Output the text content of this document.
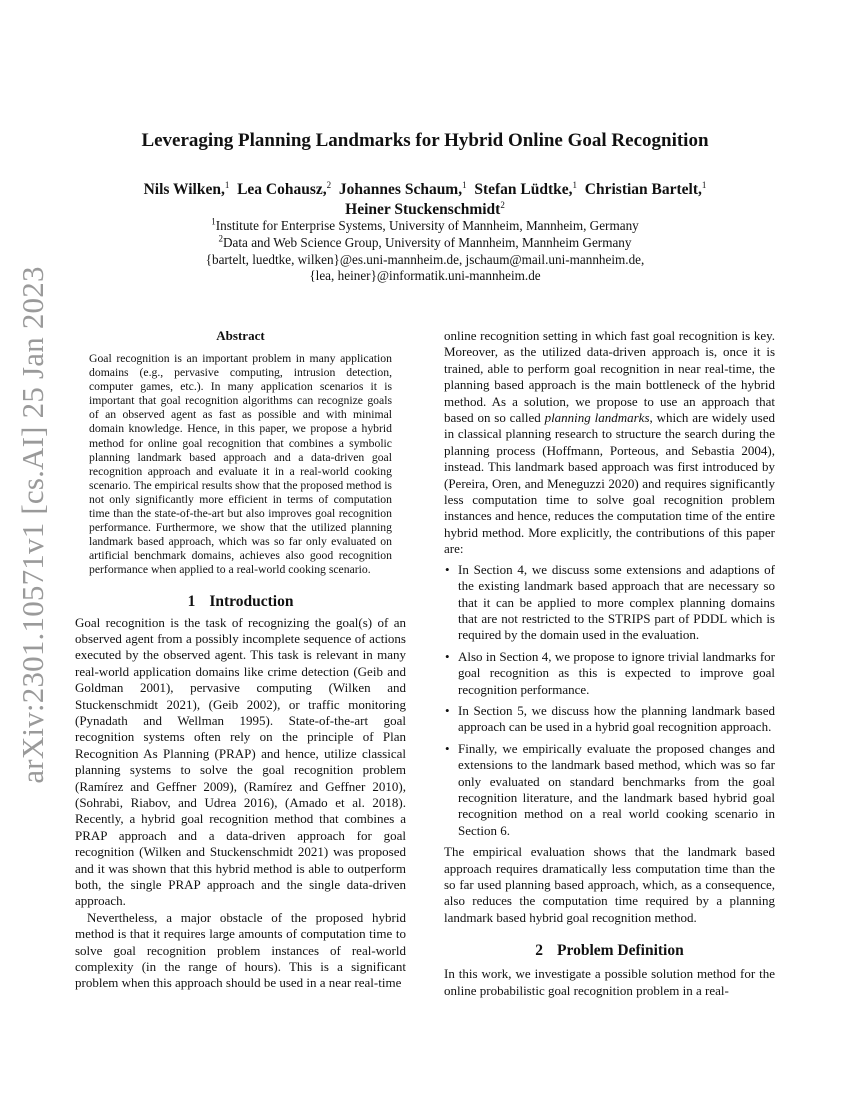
arXiv:2301.10571v1 [cs.AI] 25 Jan 2023
Leveraging Planning Landmarks for Hybrid Online Goal Recognition
Nils Wilken,$^1$ Lea Cohausz,$^2$ Johannes Schaum,$^1$ Stefan Lüdtke,$^1$ Christian Bartelt,$^1$
Heiner Stuckenschmidt$^2$
$^1$Institute for Enterprise Systems, University of Mannheim, Mannheim, Germany
$^2$Data and Web Science Group, University of Mannheim, Mannheim Germany
{bartelt, luedtke, wilken}@es.uni-mannheim.de, jschaum@mail.uni-mannheim.de,
{lea, heiner}@informatik.uni-mannheim.de
Abstract

Goal recognition is an important problem in many application domains (e.g., pervasive computing, intrusion detection, computer games, etc.). In many application scenarios it is important that goal recognition algorithms can recognize goals of an observed agent as fast as possible and with minimal domain knowledge. Hence, in this paper, we propose a hybrid method for online goal recognition that combines a symbolic planning landmark based approach and a data-driven goal recognition approach and evaluate it in a real-world cooking scenario. The empirical results show that the proposed method is not only significantly more efficient in terms of computation time than the state-of-the-art but also improves goal recognition performance. Furthermore, we show that the utilized planning landmark based approach, which was so far only evaluated on artificial benchmark domains, achieves also good recognition performance when applied to a real-world cooking scenario.

1 Introduction

Goal recognition is the task of recognizing the goal(s) of an observed agent from a possibly incomplete sequence of actions executed by the observed agent. This task is relevant in many real-world application domains like crime detection (Geib and Goldman 2001), pervasive computing (Wilken and Stuckenschmidt 2021), (Geib 2002), or traffic monitoring (Pynadath and Wellman 1995). State-of-the-art goal recognition systems often rely on the principle of Plan Recognition As Planning (PRAP) and hence, utilize classical planning systems to solve the goal recognition problem (Ramírez and Geffner 2009), (Ramírez and Geffner 2010), (Sohrabi, Riabov, and Udrea 2016), (Amado et al. 2018). Recently, a hybrid goal recognition method that combines a PRAP approach and a data-driven approach for goal recognition (Wilken and Stuckenschmidt 2021) was proposed and it was shown that this hybrid method is able to outperform both, the single PRAP approach and the single data-driven approach.

Nevertheless, a major obstacle of the proposed hybrid method is that it requires large amounts of computation time to solve goal recognition problem instances of real-world complexity (in the range of hours). This is a significant problem when this approach should be used in a near real-time

online recognition setting in which fast goal recognition is key. Moreover, as the utilized data-driven approach is, once it is trained, able to perform goal recognition in near real-time, the planning based approach is the main bottleneck of the hybrid method. As a solution, we propose to use an approach that based on so called planning landmarks, which are widely used in classical planning research to structure the search during the planning process (Hoffmann, Porteous, and Sebastia 2004), instead. This landmark based approach was first introduced by (Pereira, Oren, and Meneguzzi 2020) and requires significantly less computation time to solve goal recognition problem instances and hence, reduces the computation time of the entire hybrid method. More explicitly, the contributions of this paper are:

• In Section 4, we discuss some extensions and adaptions of the existing landmark based approach that are necessary so that it can be applied to more complex planning domains that are not restricted to the STRIPS part of PDDL which is required by the domain used in the evaluation.
• Also in Section 4, we propose to ignore trivial landmarks for goal recognition as this is expected to improve goal recognition performance.
• In Section 5, we discuss how the planning landmark based approach can be used in a hybrid goal recognition approach.
• Finally, we empirically evaluate the proposed changes and extensions to the landmark based method, which was so far only evaluated on standard benchmarks from the goal recognition literature, and the landmark based hybrid goal recognition method on a real world cooking scenario in Section 6.

The empirical evaluation shows that the landmark based approach requires dramatically less computation time than the so far used planning based approach, which, as a consequence, also reduces the computation time required by a planning landmark based hybrid goal recognition method.

2 Problem Definition

In this work, we investigate a possible solution method for the online probabilistic goal recognition problem in a real-
